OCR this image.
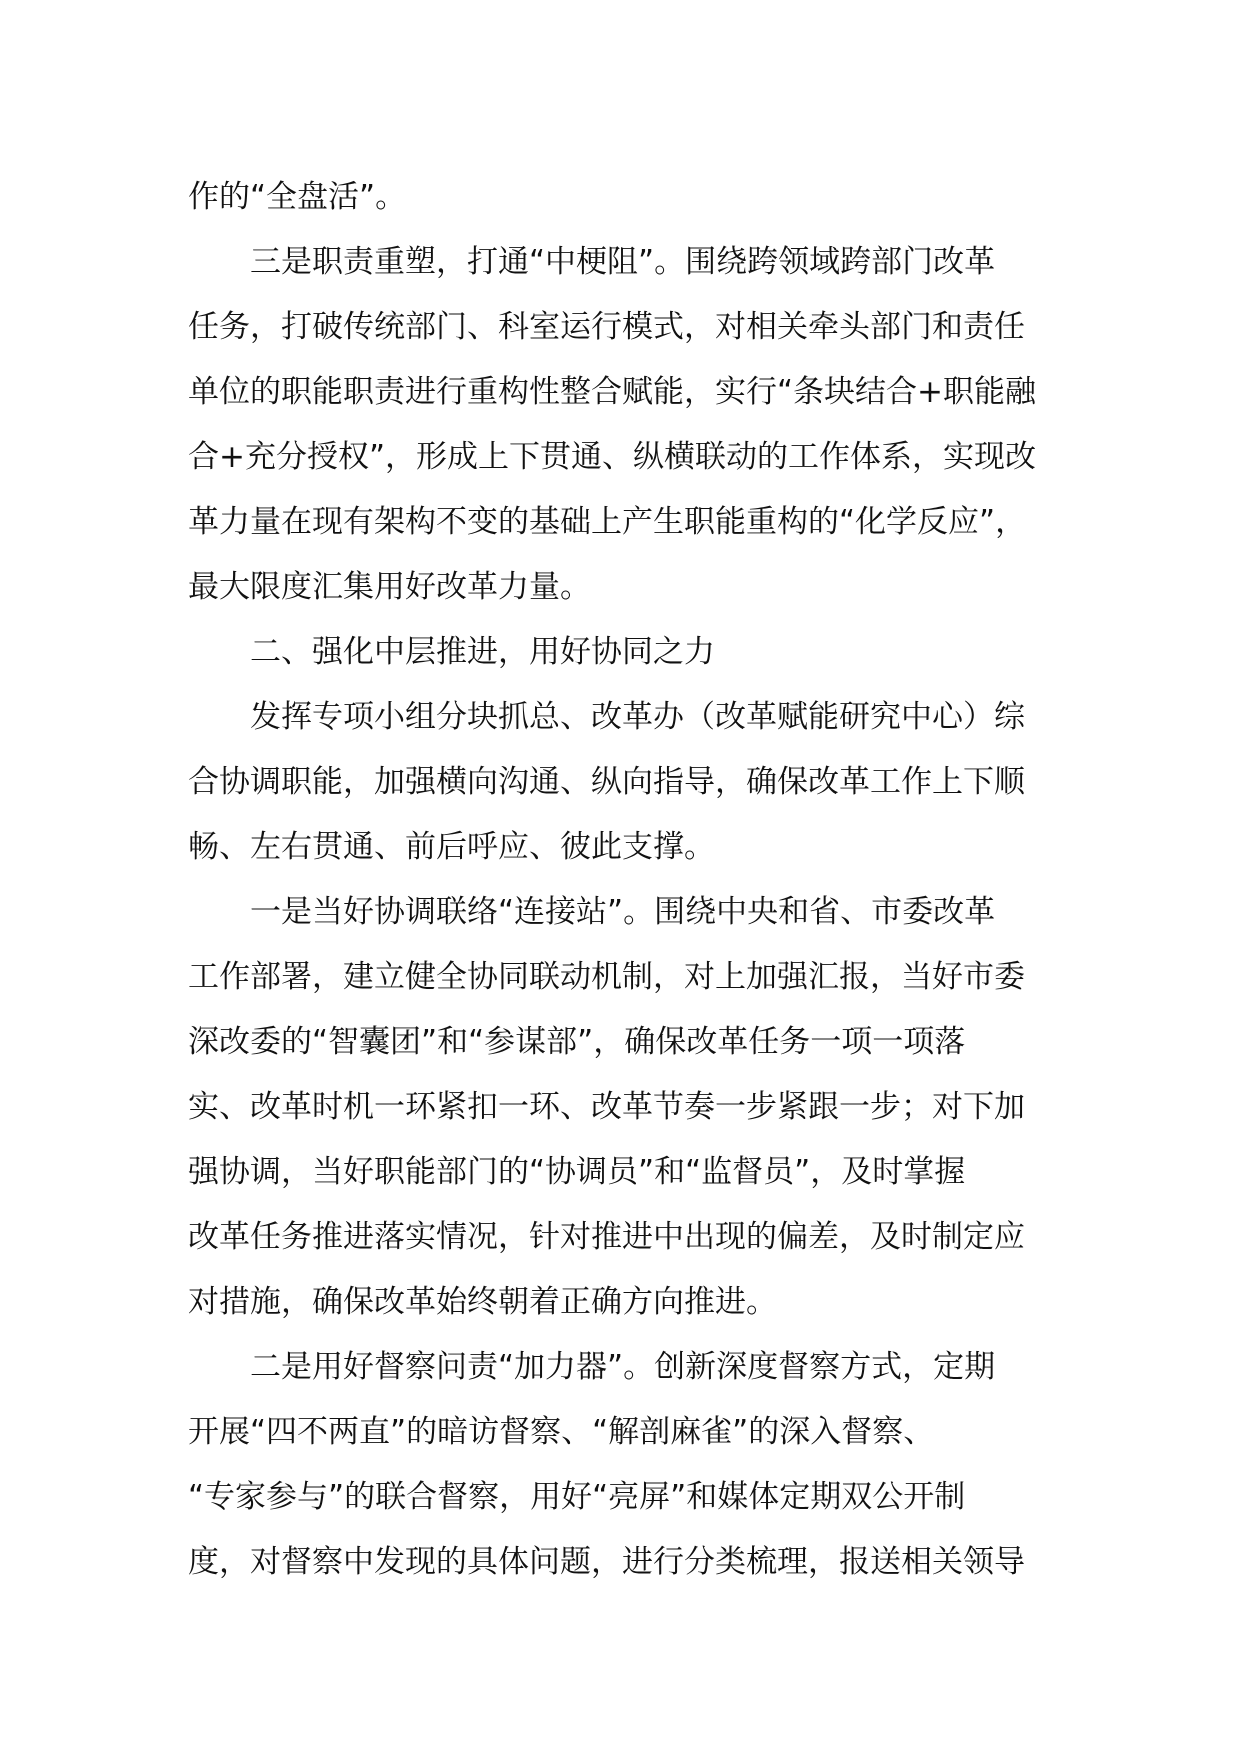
作的“全盘活”。
三是职责重塑，打通“中梗阻”。围绕跨领域跨部门改革
任务，打破传统部门、科室运行模式，对相关牵头部门和责任
单位的职能职责进行重构性整合赋能，实行“条块结合+职能融
合+充分授权”，形成上下贯通、纵横联动的工作体系，实现改
革力量在现有架构不变的基础上产生职能重构的“化学反应”，
最大限度汇集用好改革力量。
二、强化中层推进，用好协同之力
发挥专项小组分块抓总、改革办（改革赋能研究中心）综
合协调职能，加强横向沟通、纵向指导，确保改革工作上下顺
畅、左右贯通、前后呼应、彼此支撑。
一是当好协调联络“连接站”。围绕中央和省、市委改革
工作部署，建立健全协同联动机制，对上加强汇报，当好市委
深改委的“智囊团”和“参谋部”，确保改革任务一项一项落
实、改革时机一环紧扣一环、改革节奏一步紧跟一步；对下加
强协调，当好职能部门的“协调员”和“监督员”，及时掌握
改革任务推进落实情况，针对推进中出现的偏差，及时制定应
对措施，确保改革始终朝着正确方向推进。
二是用好督察问责“加力器”。创新深度督察方式，定期
开展“四不两直”的暗访督察、“解剖麻雀”的深入督察、
“专家参与”的联合督察，用好“亮屏”和媒体定期双公开制
度，对督察中发现的具体问题，进行分类梳理，报送相关领导
